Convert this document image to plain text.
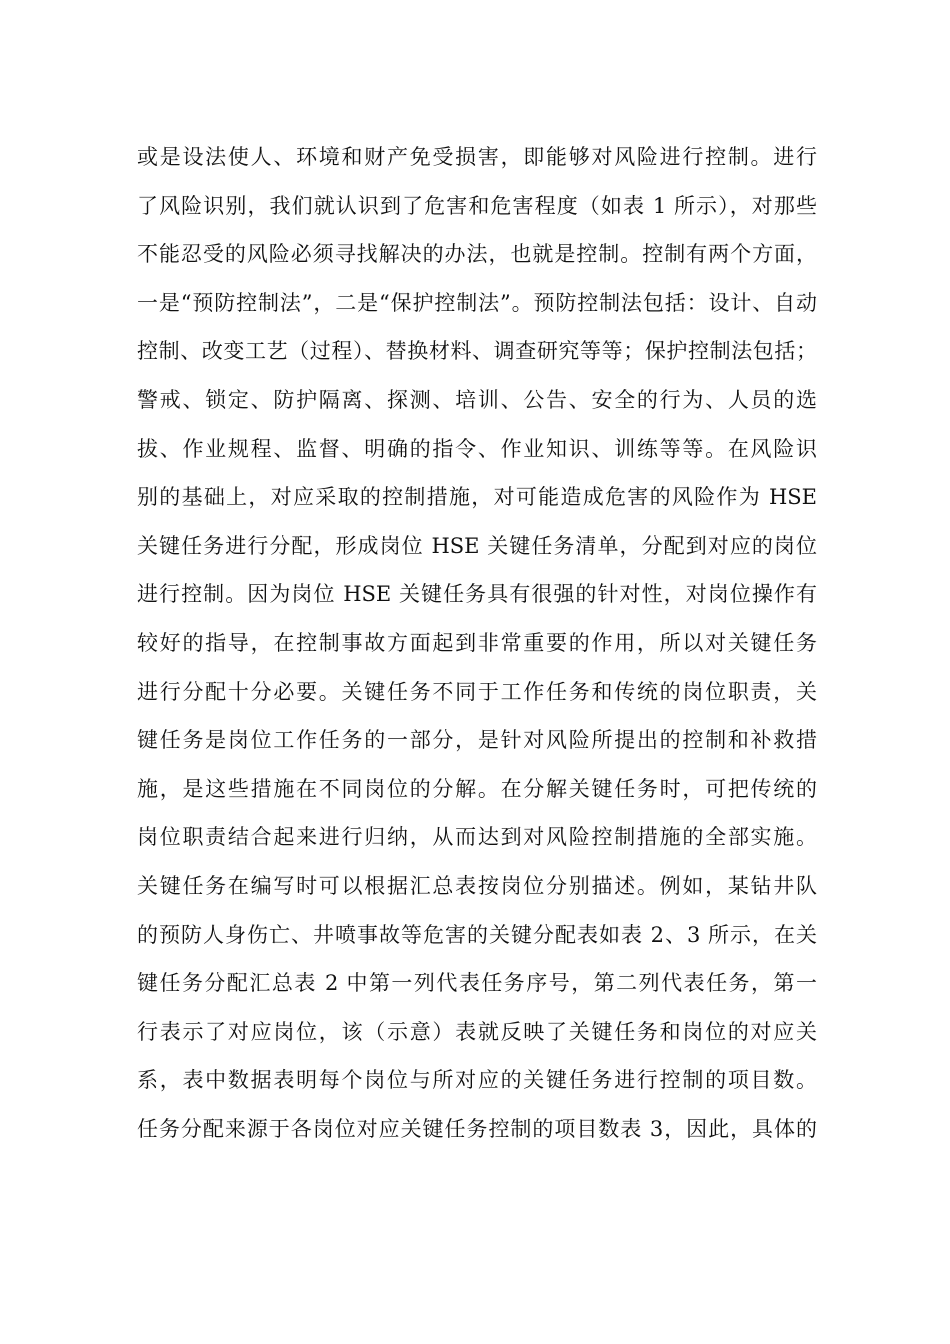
或是设法使人、环境和财产免受损害，即能够对风险进行控制。进行
了风险识别，我们就认识到了危害和危害程度（如表 1 所示），对那些
不能忍受的风险必须寻找解决的办法，也就是控制。控制有两个方面，
一是“预防控制法”，二是“保护控制法”。预防控制法包括：设计、自动
控制、改变工艺（过程）、替换材料、调查研究等等；保护控制法包括；
警戒、锁定、防护隔离、探测、培训、公告、安全的行为、人员的选
拔、作业规程、监督、明确的指令、作业知识、训练等等。在风险识
别的基础上，对应采取的控制措施，对可能造成危害的风险作为 HSE
关键任务进行分配，形成岗位 HSE 关键任务清单，分配到对应的岗位
进行控制。因为岗位 HSE 关键任务具有很强的针对性，对岗位操作有
较好的指导，在控制事故方面起到非常重要的作用，所以对关键任务
进行分配十分必要。关键任务不同于工作任务和传统的岗位职责，关
键任务是岗位工作任务的一部分，是针对风险所提出的控制和补救措
施，是这些措施在不同岗位的分解。在分解关键任务时，可把传统的
岗位职责结合起来进行归纳，从而达到对风险控制措施的全部实施。
关键任务在编写时可以根据汇总表按岗位分别描述。例如，某钻井队
的预防人身伤亡、井喷事故等危害的关键分配表如表 2、3 所示，在关
键任务分配汇总表 2 中第一列代表任务序号，第二列代表任务，第一
行表示了对应岗位，该（示意）表就反映了关键任务和岗位的对应关
系，表中数据表明每个岗位与所对应的关键任务进行控制的项目数。
任务分配来源于各岗位对应关键任务控制的项目数表 3，因此，具体的
